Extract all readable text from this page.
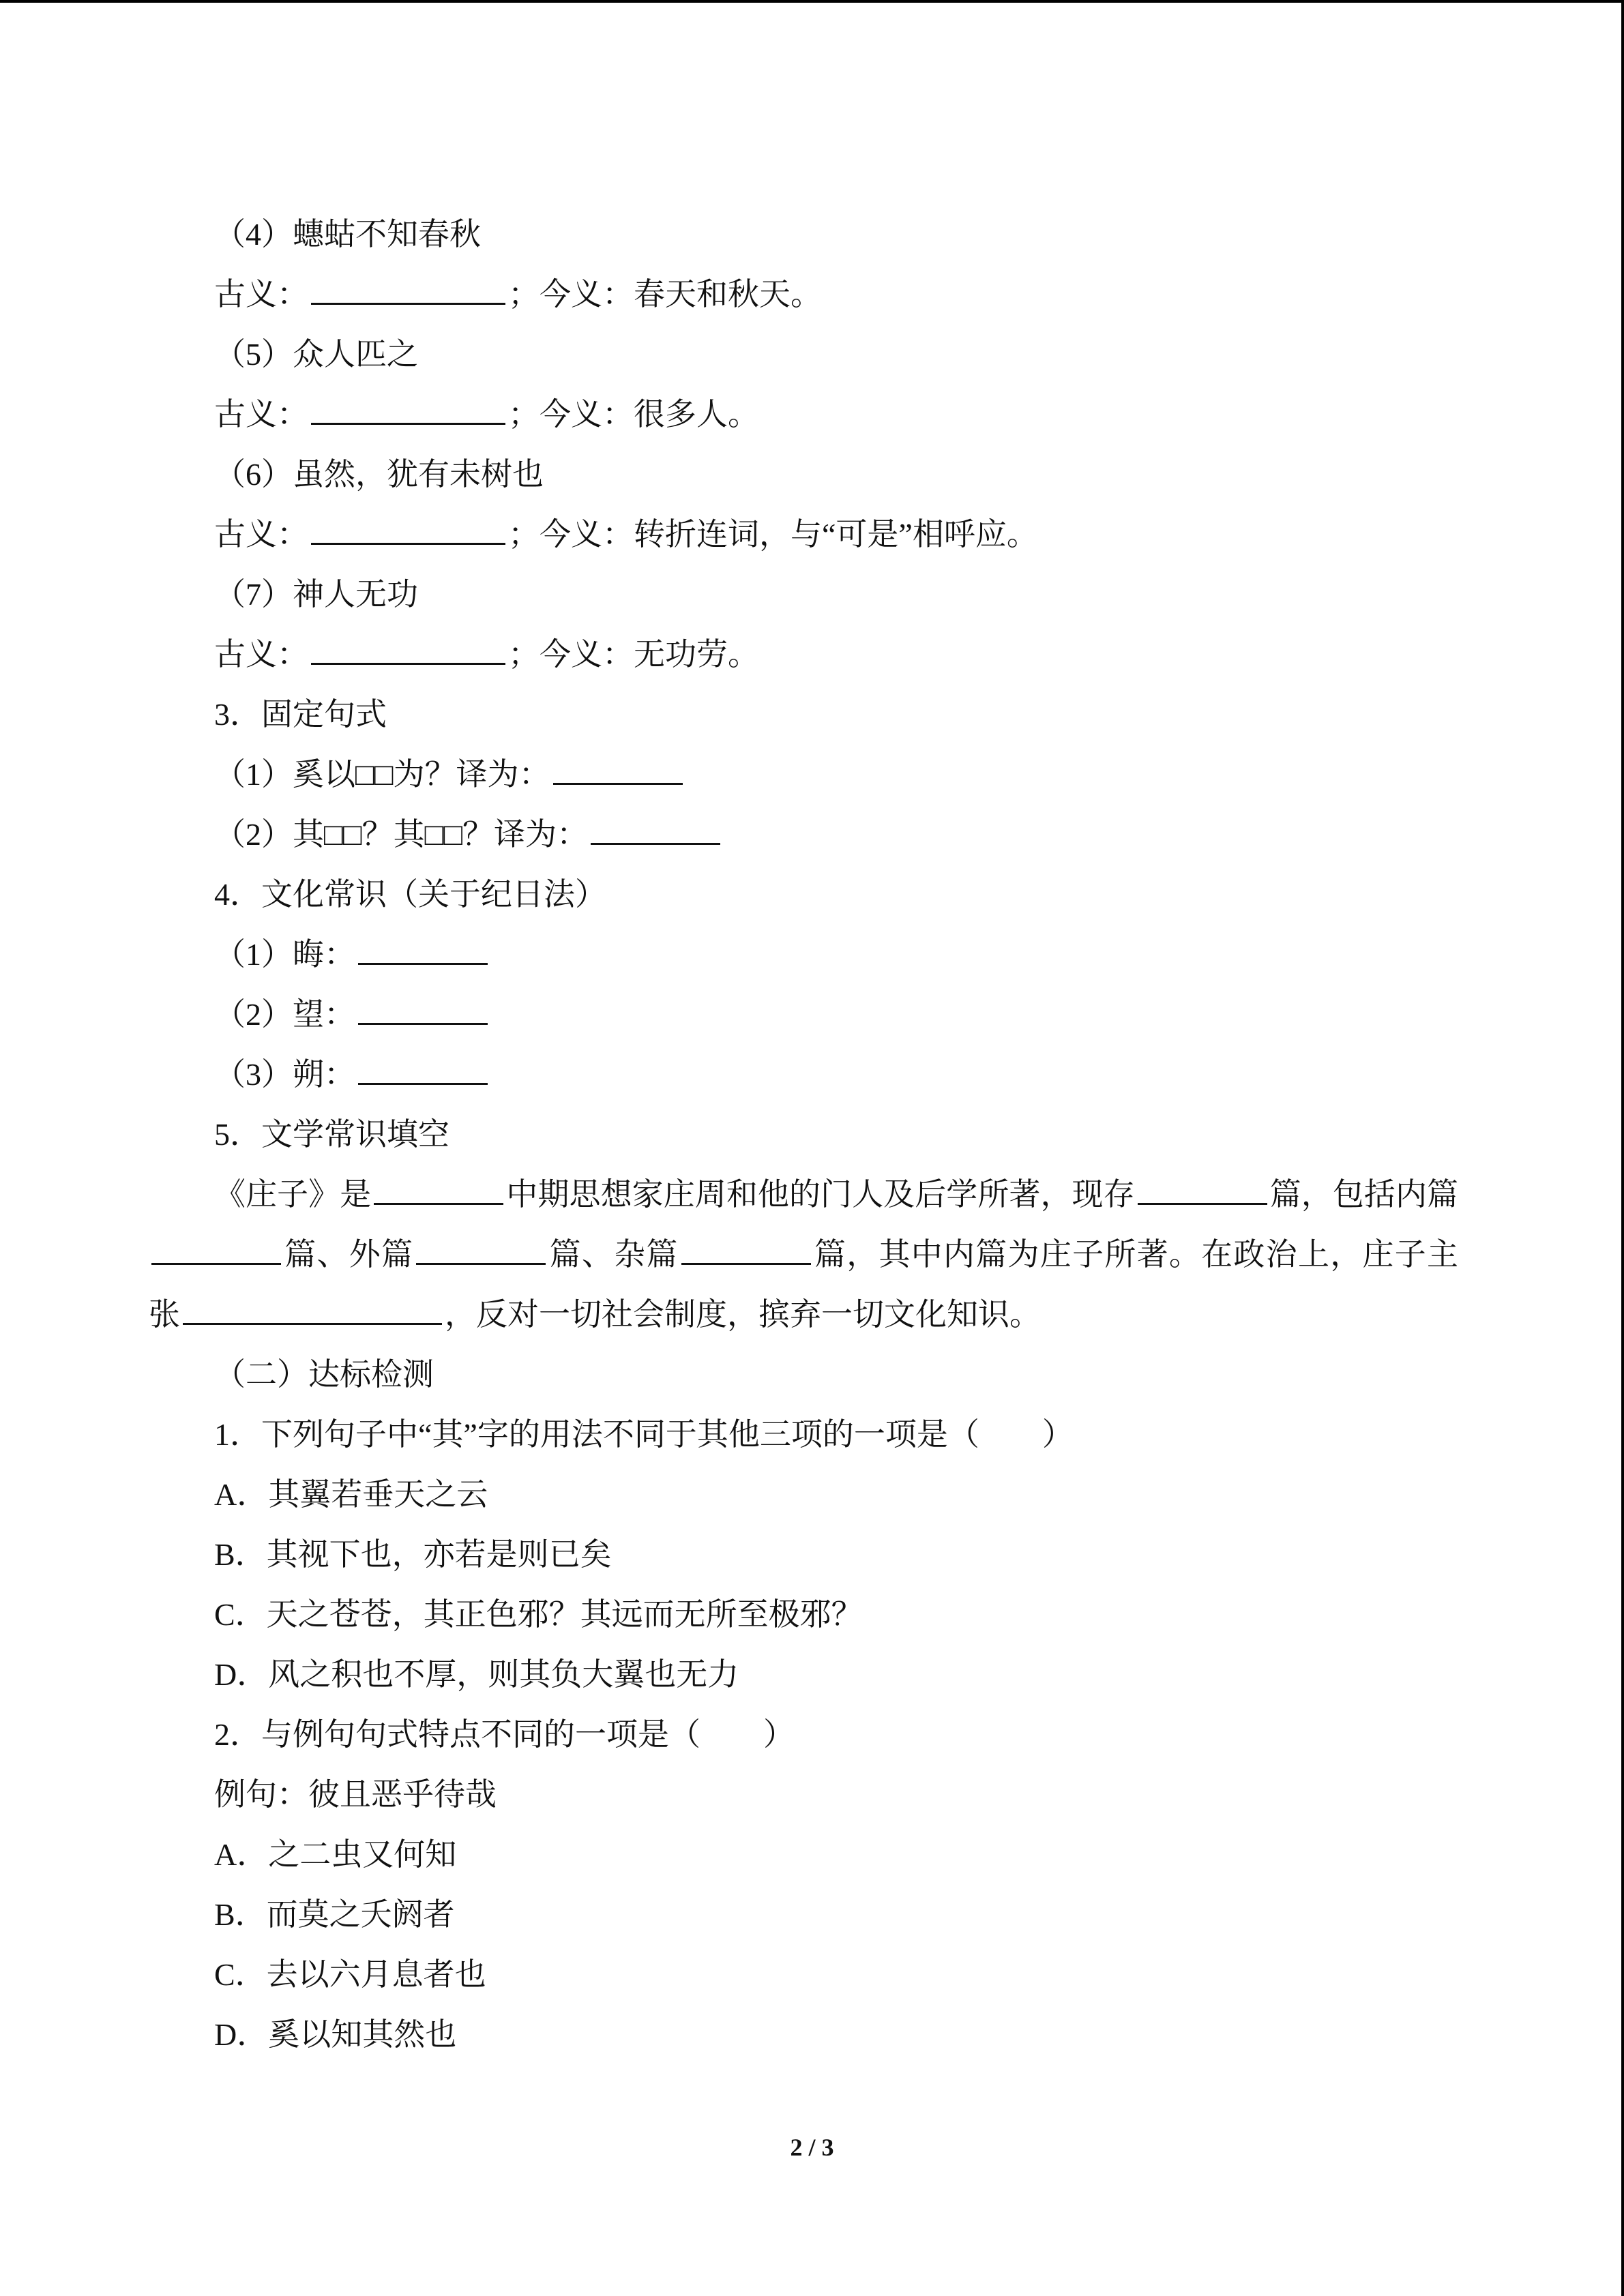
（4）蟪蛄不知春秋
古义：	；今义：春天和秋天。
（5）众人匹之
古义：	；今义：很多人。
（6）虽然，犹有未树也
古义：	；今义：转折连词，与“可是”相呼应。
（7）神人无功
古义：	；今义：无功劳。
3．固定句式
（1）奚以□□为？译为：
（2）其□□？其□□？译为：
4．文化常识（关于纪日法）
（1）晦：
（2）望：
（3）朔：
5．文学常识填空
《庄子》是	中期思想家庄周和他的门人及后学所著，现存	篇，包括内篇篇、外篇	篇、杂篇	篇，其中内篇为庄子所著。在政治上，庄子主张	，反对一切社会制度，摈弃一切文化知识。
（二）达标检测
1．下列句子中“其”字的用法不同于其他三项的一项是（　　）
A．其翼若垂天之云
B．其视下也，亦若是则已矣
C．天之苍苍，其正色邪？其远而无所至极邪？
D．风之积也不厚，则其负大翼也无力
2．与例句句式特点不同的一项是（　　）
例句：彼且恶乎待哉
A．之二虫又何知
B．而莫之夭阏者
C．去以六月息者也
D．奚以知其然也
2 / 3
